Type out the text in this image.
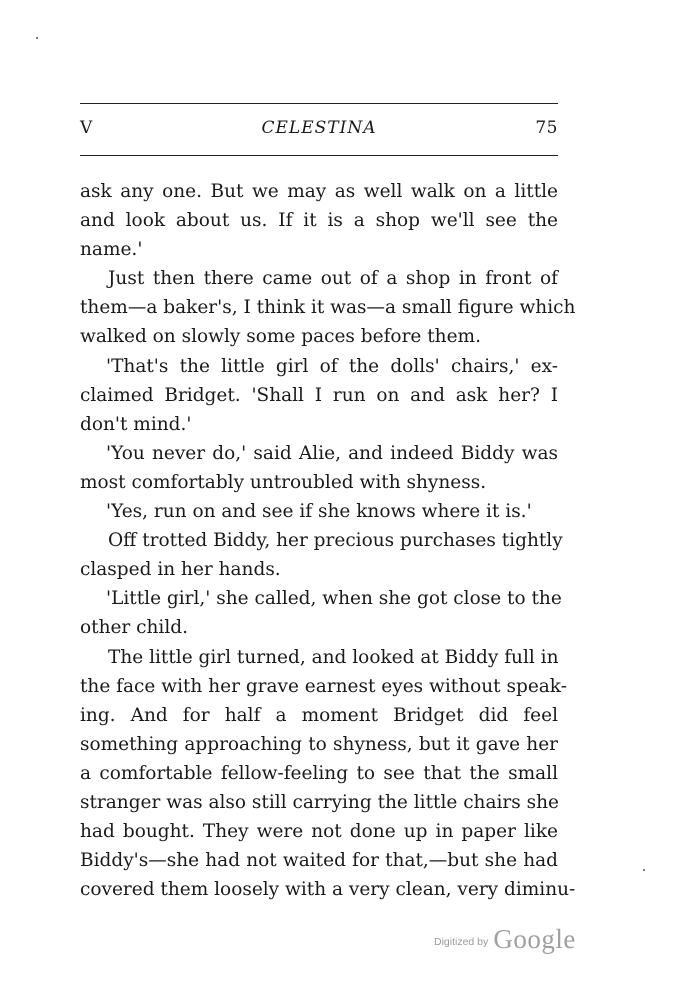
V	CELESTINA	75
ask any one. But we may as well walk on a little
and look about us. If it is a shop we'll see the
name.'
Just then there came out of a shop in front of
them—a baker's, I think it was—a small figure which
walked on slowly some paces before them.
'That's the little girl of the dolls' chairs,' ex-
claimed Bridget. 'Shall I run on and ask her? I
don't mind.'
'You never do,' said Alie, and indeed Biddy was
most comfortably untroubled with shyness.
'Yes, run on and see if she knows where it is.'
Off trotted Biddy, her precious purchases tightly
clasped in her hands.
'Little girl,' she called, when she got close to the
other child.
The little girl turned, and looked at Biddy full in
the face with her grave earnest eyes without speak-
ing. And for half a moment Bridget did feel
something approaching to shyness, but it gave her
a comfortable fellow-feeling to see that the small
stranger was also still carrying the little chairs she
had bought. They were not done up in paper like
Biddy's—she had not waited for that,—but she had
covered them loosely with a very clean, very diminu-
Digitized by Google
